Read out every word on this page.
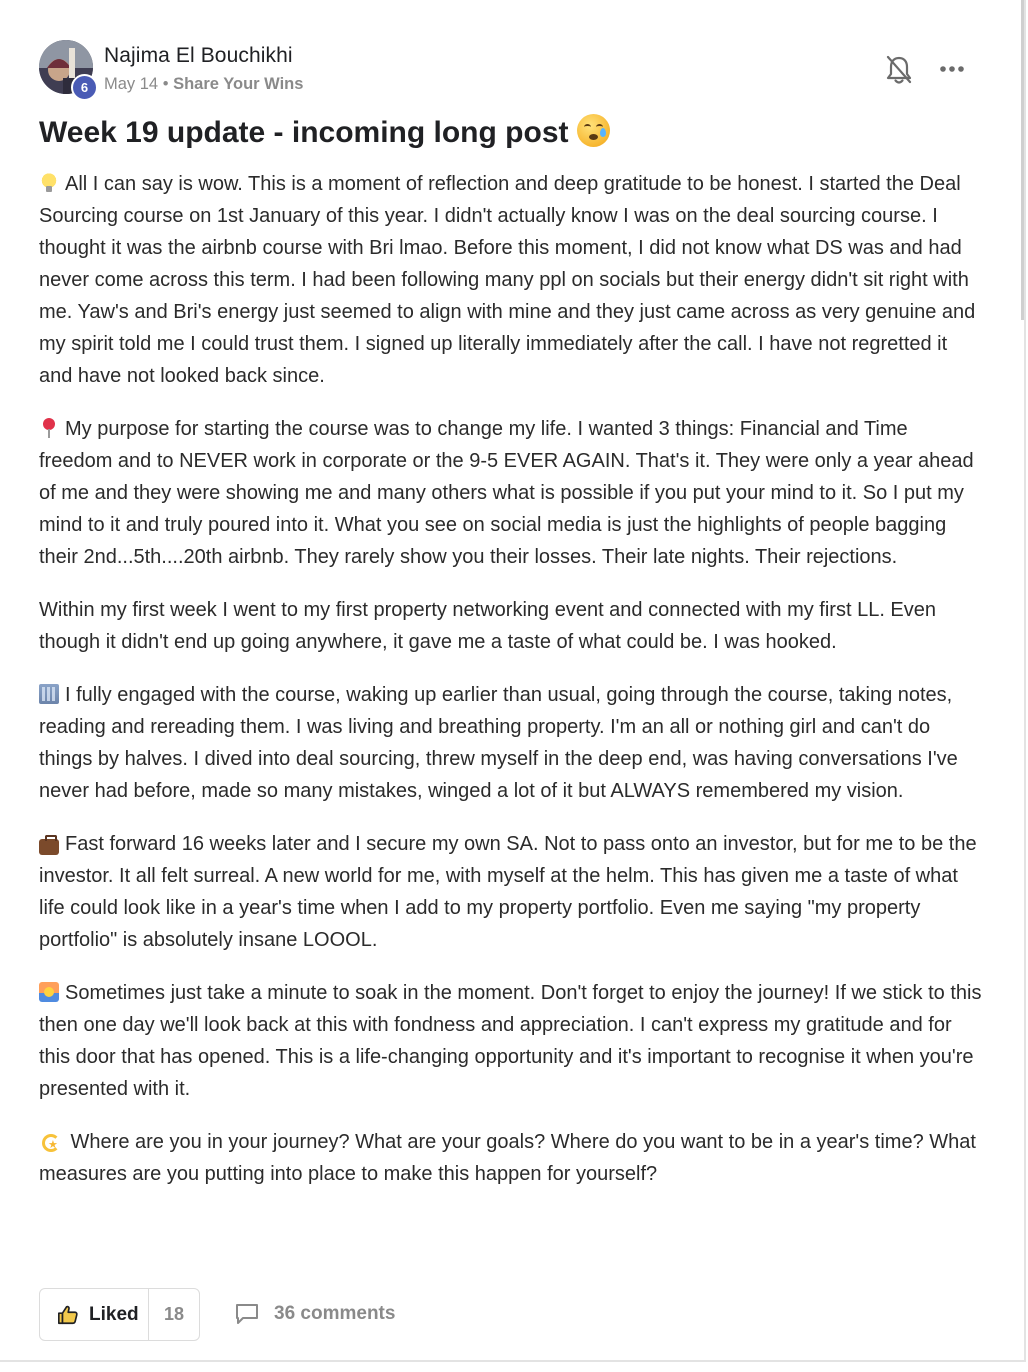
6
Najima El Bouchikhi
May 14 • Share Your Wins
Week 19 update - incoming long post

All I can say is wow. This is a moment of reflection and deep gratitude to be honest. I started the Deal Sourcing course on 1st January of this year. I didn't actually know I was on the deal sourcing course. I thought it was the airbnb course with Bri lmao. Before this moment, I did not know what DS was and had never come across this term. I had been following many ppl on socials but their energy didn't sit right with me. Yaw's and Bri's energy just seemed to align with mine and they just came across as very genuine and my spirit told me I could trust them. I signed up literally immediately after the call. I have not regretted it and have not looked back since.

My purpose for starting the course was to change my life. I wanted 3 things: Financial and Time freedom and to NEVER work in corporate or the 9-5 EVER AGAIN. That's it. They were only a year ahead of me and they were showing me and many others what is possible if you put your mind to it. So I put my mind to it and truly poured into it. What you see on social media is just the highlights of people bagging their 2nd...5th....20th airbnb. They rarely show you their losses. Their late nights. Their rejections.

Within my first week I went to my first property networking event and connected with my first LL. Even though it didn't end up going anywhere, it gave me a taste of what could be. I was hooked.

I fully engaged with the course, waking up earlier than usual, going through the course, taking notes, reading and rereading them. I was living and breathing property. I'm an all or nothing girl and can't do things by halves. I dived into deal sourcing, threw myself in the deep end, was having conversations I've never had before, made so many mistakes, winged a lot of it but ALWAYS remembered my vision.

Fast forward 16 weeks later and I secure my own SA. Not to pass onto an investor, but for me to be the investor. It all felt surreal. A new world for me, with myself at the helm. This has given me a taste of what life could look like in a year's time when I add to my property portfolio. Even me saying "my property portfolio" is absolutely insane LOOOL.

Sometimes just take a minute to soak in the moment. Don't forget to enjoy the journey! If we stick to this then one day we'll look back at this with fondness and appreciation. I can't express my gratitude and for this door that has opened. This is a life-changing opportunity and it's important to recognise it when you're presented with it.

★ Where are you in your journey? What are your goals? Where do you want to be in a year's time? What measures are you putting into place to make this happen for yourself?

Liked	18	36 comments
